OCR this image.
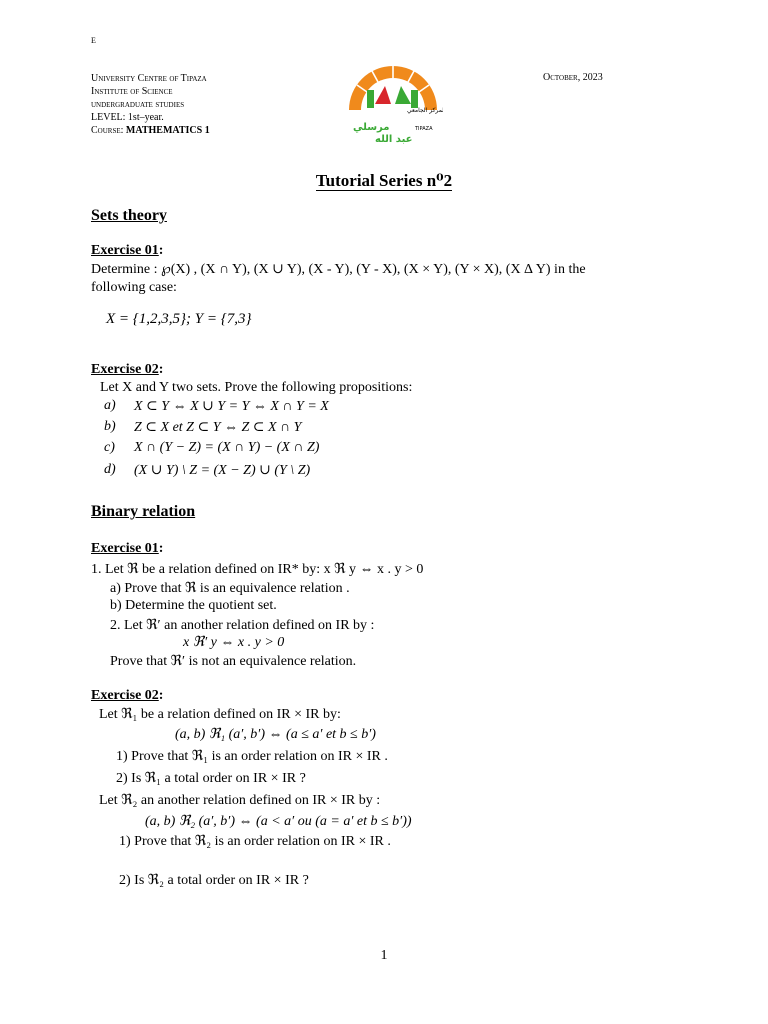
E
University Centre of Tipaza
Institute of Science
undergraduate studies
LEVEL: 1st–year.
Course: MATHEMATICS 1
October, 2023
المركز الجامعي
مرسلي
عبد الله
TIPAZA
Tutorial Series n⁰2
Sets theory
Exercise 01:
Determine : ℘(X) , (X ∩ Y), (X ∪ Y), (X - Y), (Y - X), (X × Y), (Y × X), (X Δ Y) in the
following case:
X = {1,2,3,5}; Y = {7,3}
Exercise 02:
Let X and Y two sets. Prove the following propositions:
a) X ⊂ Y ⇔ X ∪ Y = Y ⇔ X ∩ Y = X
b) Z ⊂ X et Z ⊂ Y ⇔ Z ⊂ X ∩ Y
c) X ∩ (Y − Z) = (X ∩ Y) − (X ∩ Z)
d) (X ∪ Y) \ Z = (X − Z) ∪ (Y \ Z)
Binary relation
Exercise 01:
1. Let ℜ be a relation defined on IR* by: x ℜ y ⇔ x . y > 0
a) Prove that ℜ is an equivalence relation .
b) Determine the quotient set.
2. Let ℜ′ an another relation defined on IR by :
x ℜ′ y ⇔ x . y > 0
Prove that ℜ′ is not an equivalence relation.
Exercise 02:
Let ℜ₁ be a relation defined on IR × IR by:
(a, b) ℜ₁ (a′, b′) ⇔ (a ≤ a′ et b ≤ b′)
1) Prove that ℜ₁ is an order relation on IR × IR .
2) Is ℜ₁ a total order on IR × IR ?
Let ℜ₂ an another relation defined on IR × IR by :
(a, b) ℜ₂ (a′, b′) ⇔ (a < a′ ou (a = a′ et b ≤ b′))
1) Prove that ℜ₂ is an order relation on IR × IR .
2) Is ℜ₂ a total order on IR × IR ?
1
